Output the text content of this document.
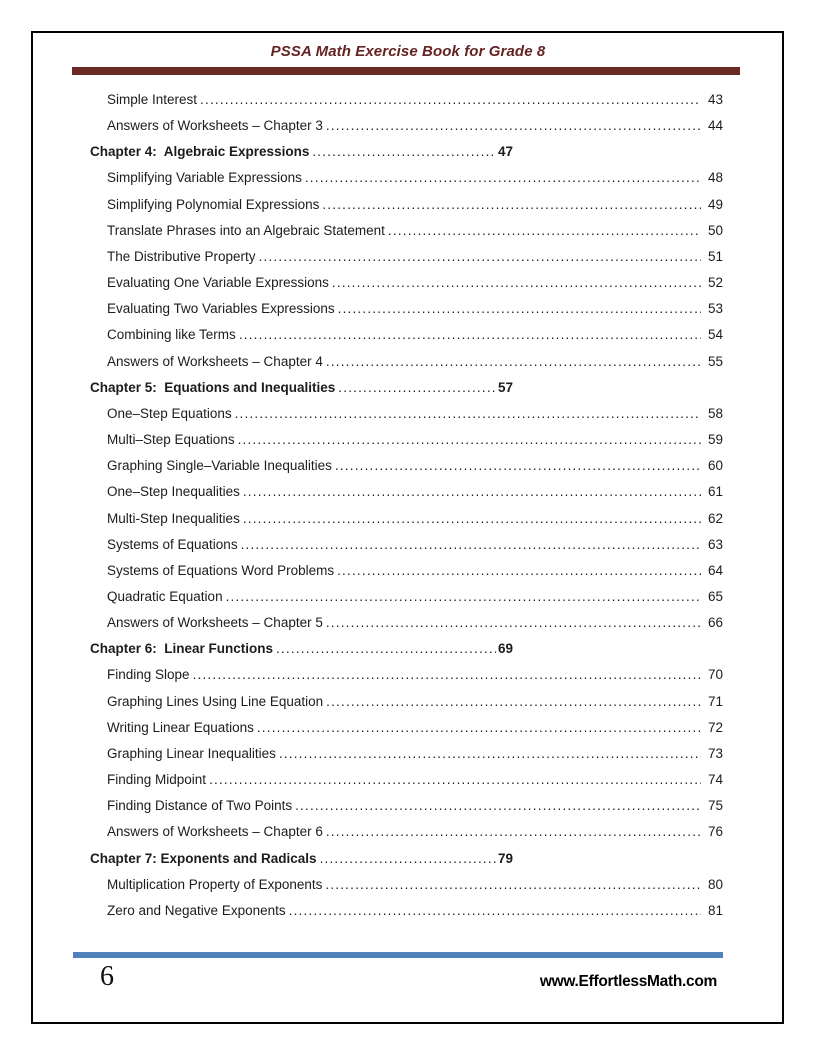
PSSA Math Exercise Book for Grade 8
Simple Interest .....	43
Answers of Worksheets – Chapter 3 .....	44
Chapter 4:  Algebraic Expressions .....	47
Simplifying Variable Expressions .....	48
Simplifying Polynomial Expressions .....	49
Translate Phrases into an Algebraic Statement .....	50
The Distributive Property .....	51
Evaluating One Variable Expressions .....	52
Evaluating Two Variables Expressions .....	53
Combining like Terms .....	54
Answers of Worksheets – Chapter 4 .....	55
Chapter 5:  Equations and Inequalities .....	57
One–Step Equations .....	58
Multi–Step Equations .....	59
Graphing Single–Variable Inequalities .....	60
One–Step Inequalities .....	61
Multi-Step Inequalities .....	62
Systems of Equations .....	63
Systems of Equations Word Problems .....	64
Quadratic Equation .....	65
Answers of Worksheets – Chapter 5 .....	66
Chapter 6:  Linear Functions .....	69
Finding Slope .....	70
Graphing Lines Using Line Equation .....	71
Writing Linear Equations .....	72
Graphing Linear Inequalities .....	73
Finding Midpoint .....	74
Finding Distance of Two Points .....	75
Answers of Worksheets – Chapter 6 .....	76
Chapter 7: Exponents and Radicals .....	79
Multiplication Property of Exponents .....	80
Zero and Negative Exponents .....	81
6	www.EffortlessMath.com
